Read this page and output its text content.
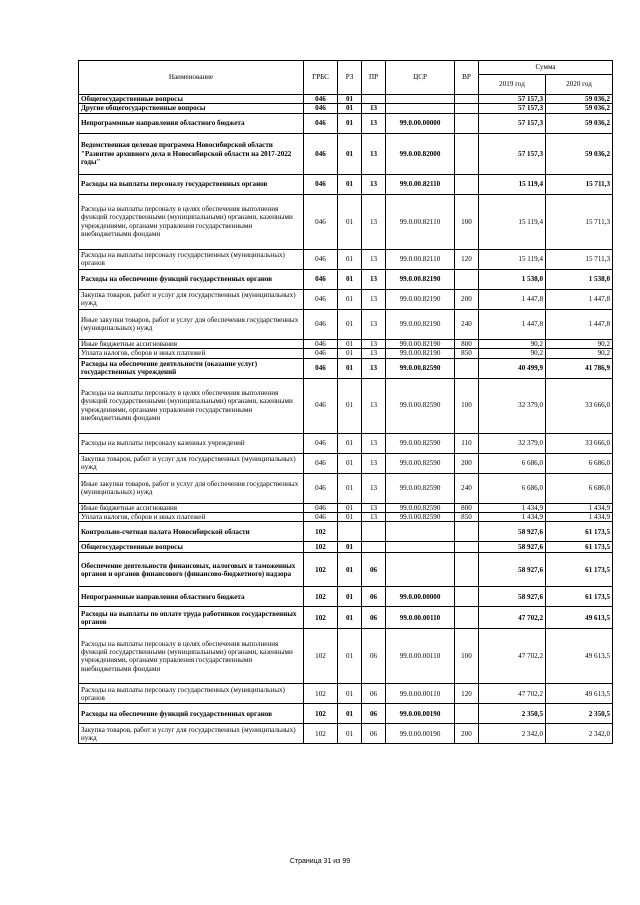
Наименование	ГРБС	РЗ	ПР	ЦСР	ВР	Сумма	
						2019 год	2020 год
Общегосударственные вопросы	046	01				57 157,3	59 036,2
Другие общегосударственные вопросы	046	01	13			57 157,3	59 036,2
Непрограммные направления областного бюджета	046	01	13	99.0.00.00000		57 157,3	59 036,2
Ведомственная целевая программа Новосибирской области "Развитие архивного дела в Новосибирской области на 2017-2022 годы"	046	01	13	99.0.00.82000		57 157,3	59 036,2
Расходы на выплаты персоналу государственных органов	046	01	13	99.0.00.82110		15 119,4	15 711,3
Расходы на выплаты персоналу в целях обеспечения выполнения функций государственными (муниципальными) органами, казенными учреждениями, органами управления государственными внебюджетными фондами	046	01	13	99.0.00.82110	100	15 119,4	15 711,3
Расходы на выплаты персоналу государственных (муниципальных) органов	046	01	13	99.0.00.82110	120	15 119,4	15 711,3
Расходы на обеспечение функций государственных органов	046	01	13	99.0.00.82190		1 538,0	1 538,0
Закупка товаров, работ и услуг для государственных (муниципальных) нужд	046	01	13	99.0.00.82190	200	1 447,8	1 447,8
Иные закупки товаров, работ и услуг для обеспечения государственных (муниципальных) нужд	046	01	13	99.0.00.82190	240	1 447,8	1 447,8
Иные бюджетные ассигнования	046	01	13	99.0.00.82190	800	90,2	90,2
Уплата налогов, сборов и иных платежей	046	01	13	99.0.00.82190	850	90,2	90,2
Расходы на обеспечение деятельности (оказание услуг) государственных учреждений	046	01	13	99.0.00.82590		40 499,9	41 786,9
Расходы на выплаты персоналу в целях обеспечения выполнения функций государственными (муниципальными) органами, казенными учреждениями, органами управления государственными внебюджетными фондами	046	01	13	99.0.00.82590	100	32 379,0	33 666,0
Расходы на выплаты персоналу казенных учреждений	046	01	13	99.0.00.82590	110	32 379,0	33 666,0
Закупка товаров, работ и услуг для государственных (муниципальных) нужд	046	01	13	99.0.00.82590	200	6 686,0	6 686,0
Иные закупки товаров, работ и услуг для обеспечения государственных (муниципальных) нужд	046	01	13	99.0.00.82590	240	6 686,0	6 686,0
Иные бюджетные ассигнования	046	01	13	99.0.00.82590	800	1 434,9	1 434,9
Уплата налогов, сборов и иных платежей	046	01	13	99.0.00.82590	850	1 434,9	1 434,9
Контрольно-счетная палата Новосибирской области	102					58 927,6	61 173,5
Общегосударственные вопросы	102	01				58 927,6	61 173,5
Обеспечение деятельности финансовых, налоговых и таможенных органов и органов финансового (финансово-бюджетного) надзора	102	01	06			58 927,6	61 173,5
Непрограммные направления областного бюджета	102	01	06	99.0.00.00000		58 927,6	61 173,5
Расходы на выплаты по оплате труда работников государственных органов	102	01	06	99.0.00.00110		47 702,2	49 613,5
Расходы на выплаты персоналу в целях обеспечения выполнения функций государственными (муниципальными) органами, казенными учреждениями, органами управления государственными внебюджетными фондами	102	01	06	99.0.00.00110	100	47 702,2	49 613,5
Расходы на выплаты персоналу государственных (муниципальных) органов	102	01	06	99.0.00.00110	120	47 702,2	49 613,5
Расходы на обеспечение функций государственных органов	102	01	06	99.0.00.00190		2 350,5	2 350,5
Закупка товаров, работ и услуг для государственных (муниципальных) нужд	102	01	06	99.0.00.00190	200	2 342,0	2 342,0
Страница 31 из 99
